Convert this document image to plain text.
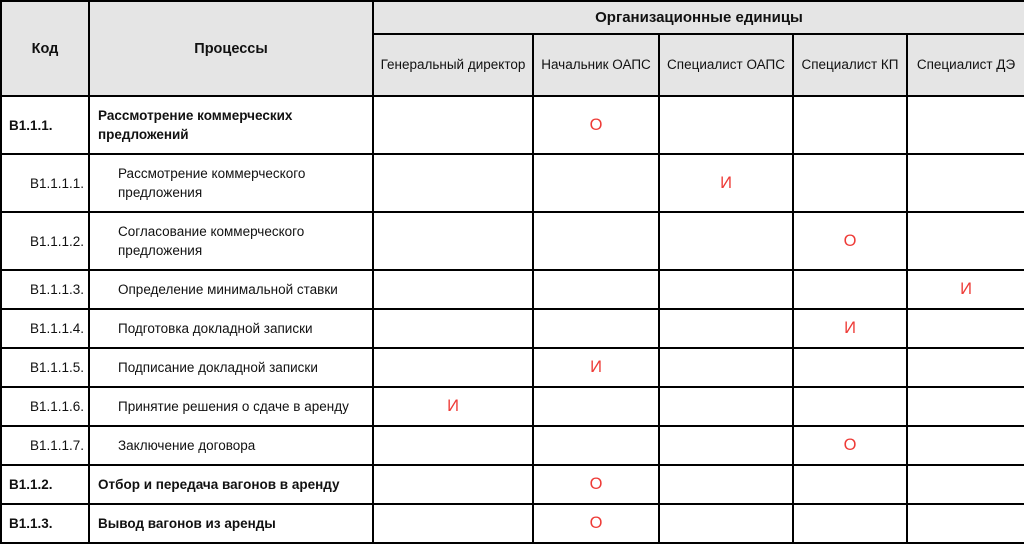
Код	Процессы	Организационные единицы				
		Генеральный директор	Начальник ОАПС	Специалист ОАПС	Специалист КП	Специалист ДЭ
B1.1.1.	Рассмотрение коммерческих предложений		О			
B1.1.1.1.	Рассмотрение коммерческого предложения			И		
B1.1.1.2.	Согласование коммерческого предложения				О	
B1.1.1.3.	Определение минимальной ставки					И
B1.1.1.4.	Подготовка докладной записки				И	
B1.1.1.5.	Подписание докладной записки		И			
B1.1.1.6.	Принятие решения о сдаче в аренду	И				
B1.1.1.7.	Заключение договора				О	
B1.1.2.	Отбор и передача вагонов в аренду		О			
B1.1.3.	Вывод вагонов из аренды		О			
